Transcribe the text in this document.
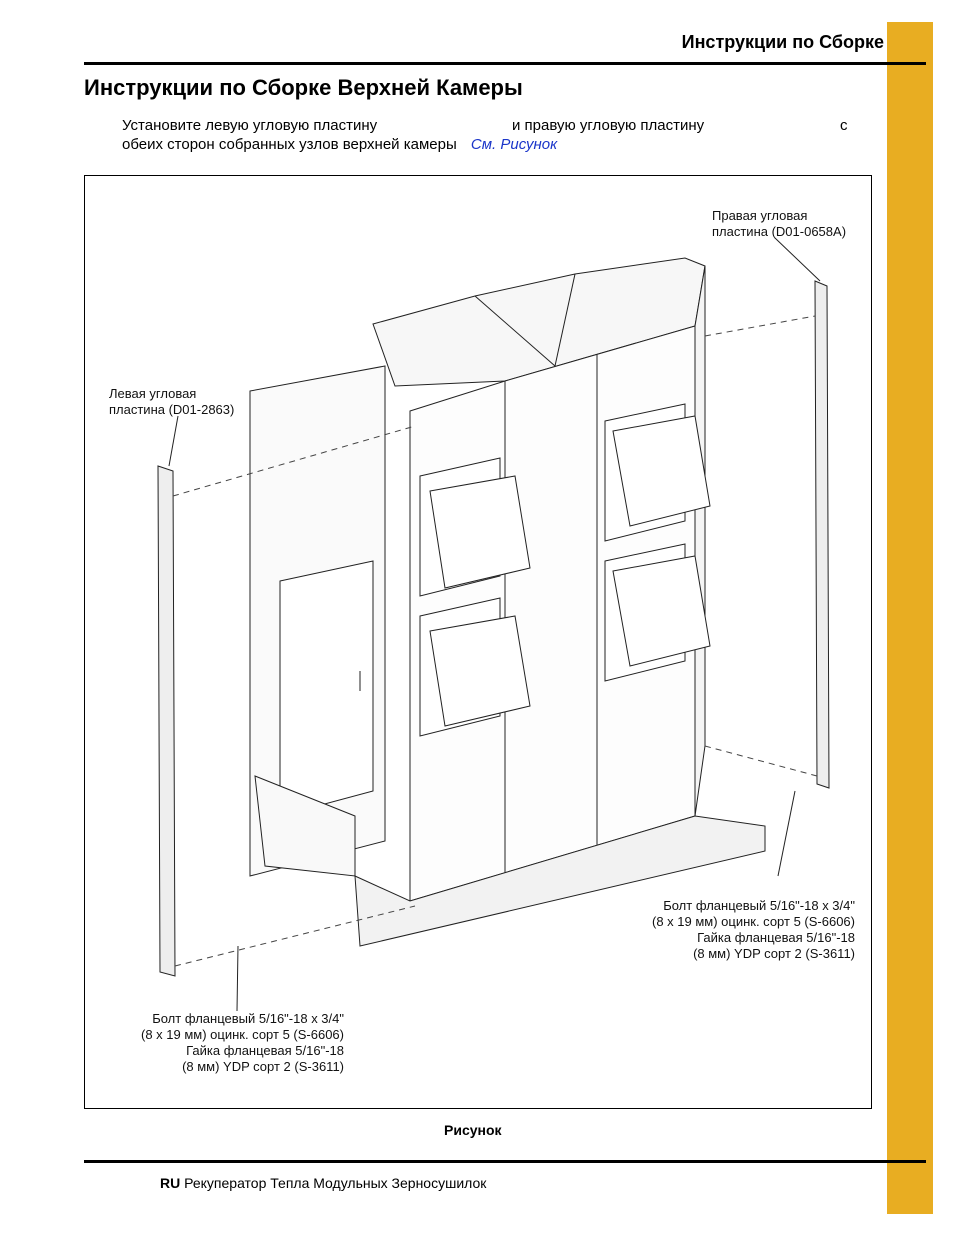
Инструкции по Сборке
Инструкции по Сборке Верхней Камеры
Установите левую угловую пластину	и правую угловую пластину	с
обеих сторон собранных узлов верхней камеры См. Рисунок
Правая угловая
пластина (D01-0658A)
Левая угловая
пластина (D01-2863)
Болт фланцевый 5/16"-18 x 3/4"
(8 x 19 мм) оцинк. сорт 5 (S-6606)
Гайка фланцевая 5/16"-18
(8 мм) YDP сорт 2 (S-3611)
Болт фланцевый 5/16"-18 x 3/4"
(8 x 19 мм) оцинк. сорт 5 (S-6606)
Гайка фланцевая 5/16"-18
(8 мм) YDP сорт 2 (S-3611)
Рисунок
RU Рекуператор Тепла Модульных Зерносушилок
